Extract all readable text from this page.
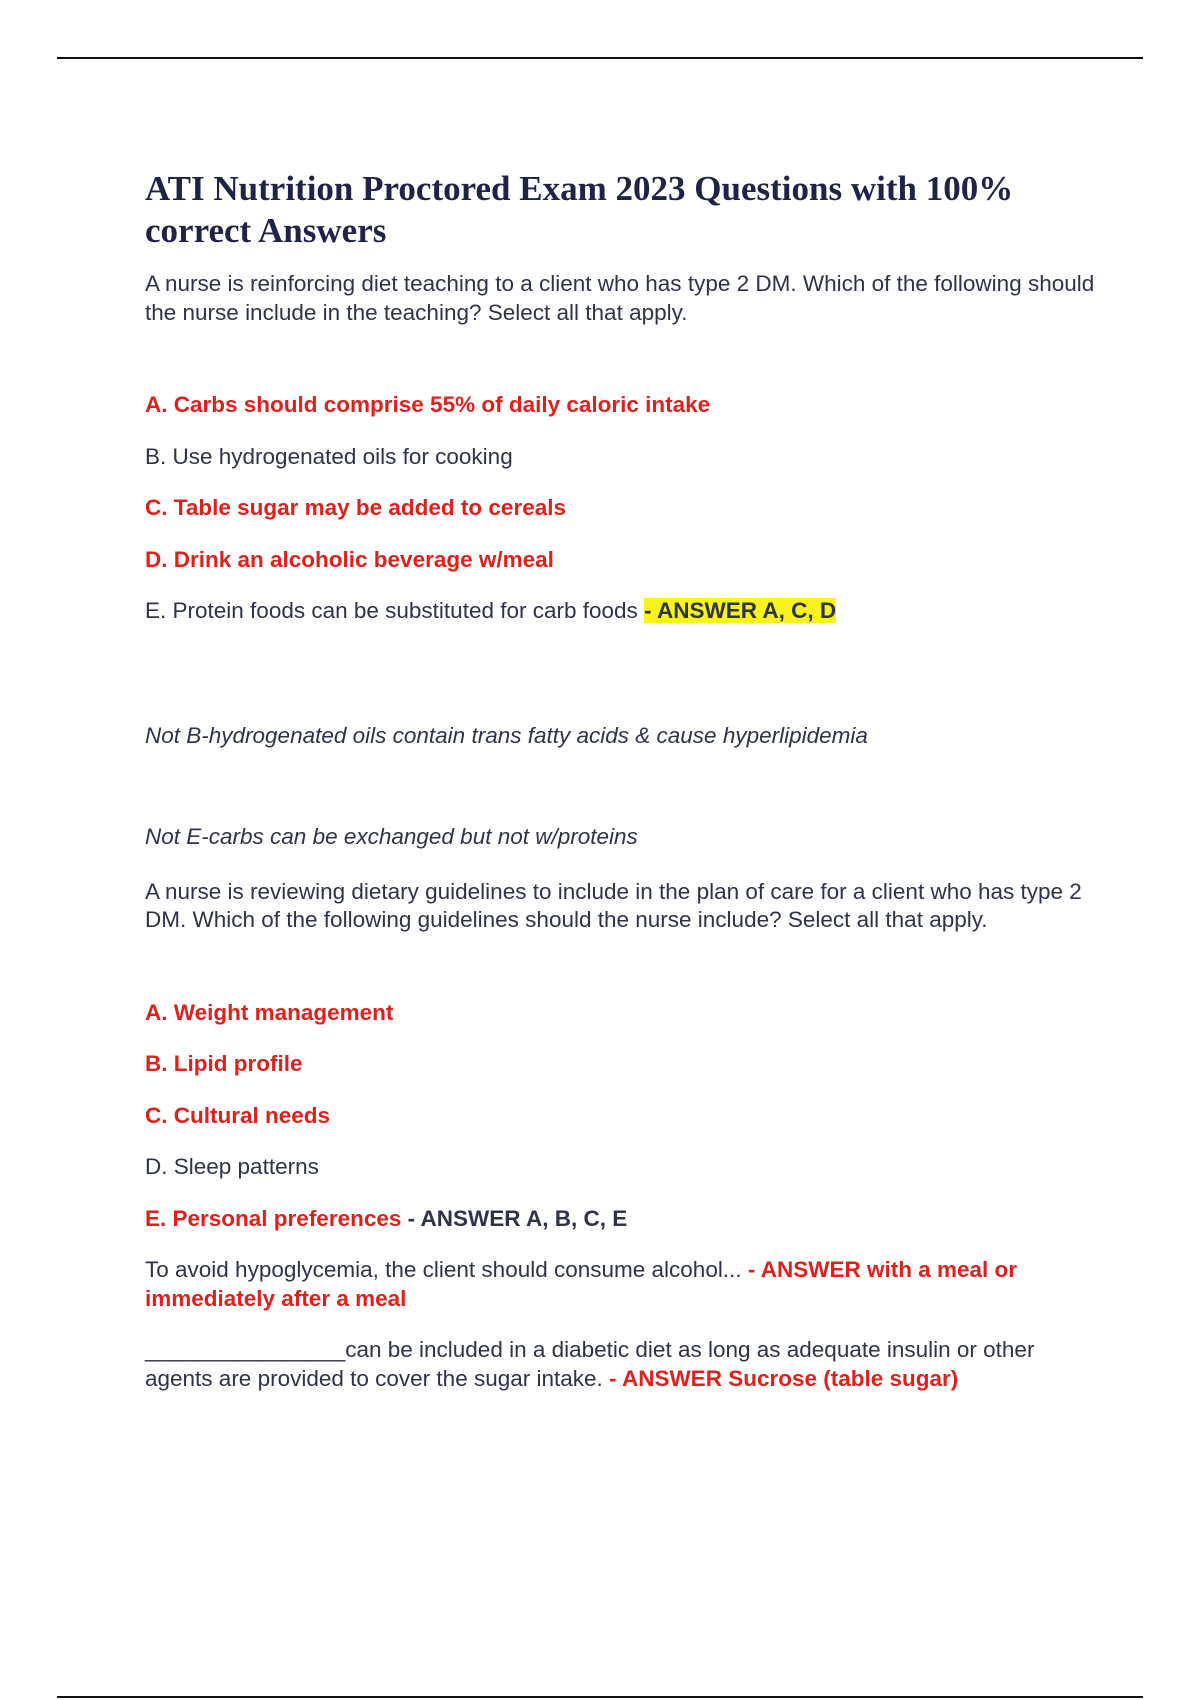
ATI Nutrition Proctored Exam 2023 Questions with 100% correct Answers

A nurse is reinforcing diet teaching to a client who has type 2 DM. Which of the following should the nurse include in the teaching? Select all that apply.

A. Carbs should comprise 55% of daily caloric intake

B. Use hydrogenated oils for cooking

C. Table sugar may be added to cereals

D. Drink an alcoholic beverage w/meal

E. Protein foods can be substituted for carb foods - ANSWER A, C, D

Not B-hydrogenated oils contain trans fatty acids & cause hyperlipidemia

Not E-carbs can be exchanged but not w/proteins

A nurse is reviewing dietary guidelines to include in the plan of care for a client who has type 2 DM. Which of the following guidelines should the nurse include? Select all that apply.

A. Weight management

B. Lipid profile

C. Cultural needs

D. Sleep patterns

E. Personal preferences - ANSWER A, B, C, E

To avoid hypoglycemia, the client should consume alcohol... - ANSWER with a meal or immediately after a meal

________________can be included in a diabetic diet as long as adequate insulin or other agents are provided to cover the sugar intake. - ANSWER Sucrose (table sugar)
